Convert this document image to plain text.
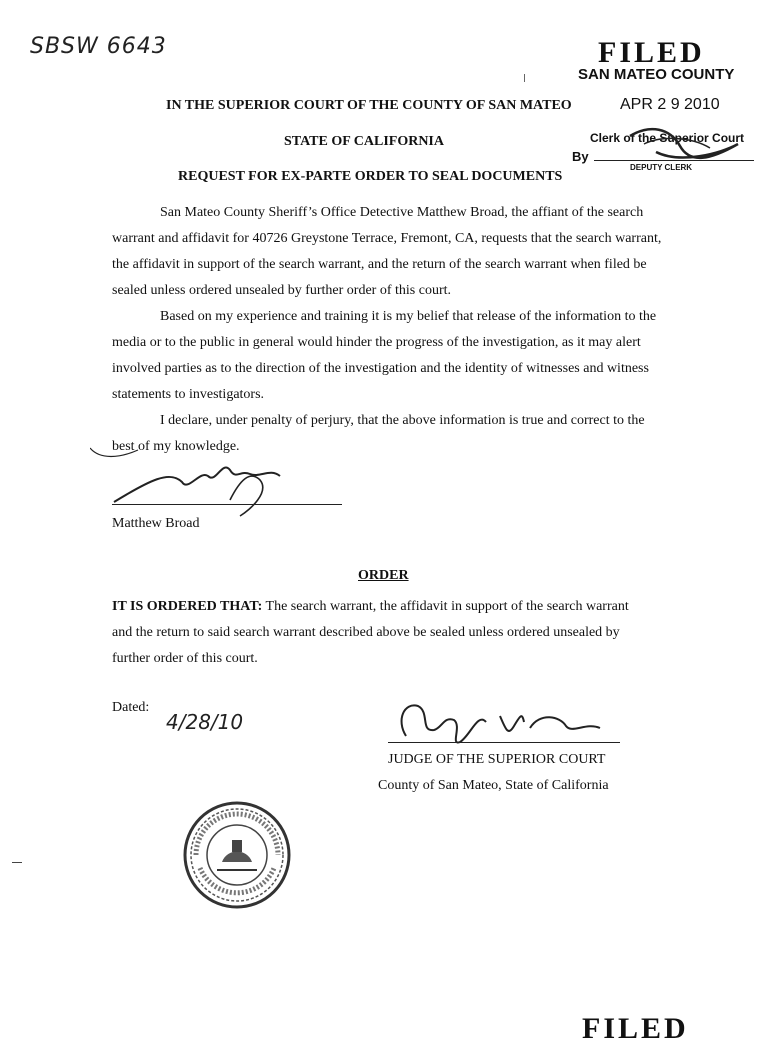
SBSW 6643	FILED
SAN MATEO COUNTY
APR 2 9 2010
Clerk of the Superior Court
By
DEPUTY CLERK
IN THE SUPERIOR COURT OF THE COUNTY OF SAN MATEO
STATE OF CALIFORNIA
REQUEST FOR EX-PARTE ORDER TO SEAL DOCUMENTS

San Mateo County Sheriff’s Office Detective Matthew Broad, the affiant of the search warrant and affidavit for 40726 Greystone Terrace, Fremont, CA, requests that the search warrant, the affidavit in support of the search warrant, and the return of the search warrant when filed be sealed unless ordered unsealed by further order of this court.

Based on my experience and training it is my belief that release of the information to the media or to the public in general would hinder the progress of the investigation, as it may alert involved parties as to the direction of the investigation and the identity of witnesses and witness statements to investigators.

I declare, under penalty of perjury, that the above information is true and correct to the best of my knowledge.

Matthew Broad
ORDER

IT IS ORDERED THAT: The search warrant, the affidavit in support of the search warrant and the return to said search warrant described above be sealed unless ordered unsealed by further order of this court.

Dated:
4/28/10
JUDGE OF THE SUPERIOR COURT
County of San Mateo, State of California
FILED
